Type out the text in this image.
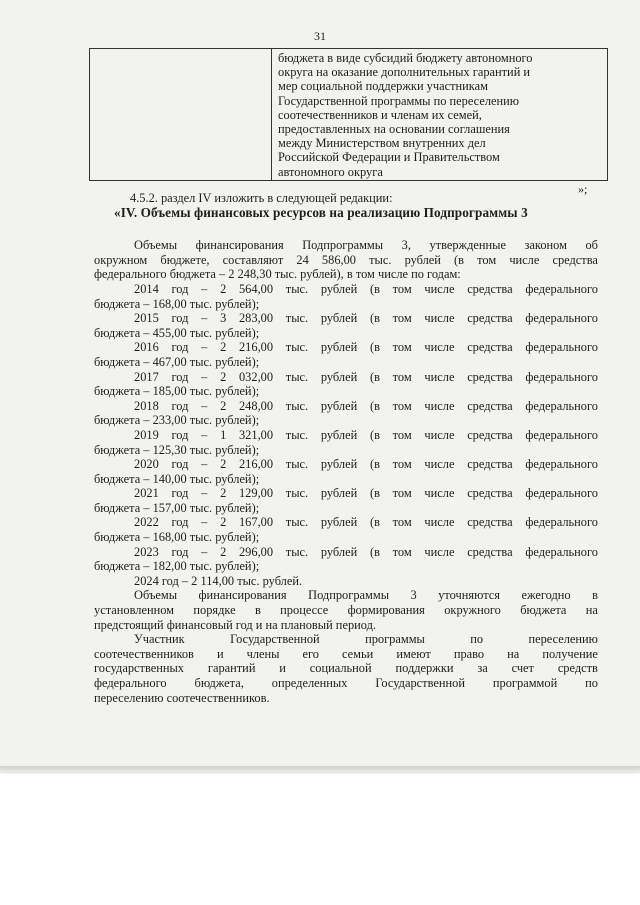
31

бюджета в виде субсидий бюджету автономного
округа на оказание дополнительных гарантий и
мер социальной поддержки участникам
Государственной программы по переселению
соотечественников и членам их семей,
предоставленных на основании соглашения
между Министерством внутренних дел
Российской Федерации и Правительством
автономного округа
»;
4.5.2. раздел IV изложить в следующей редакции:
«IV. Объемы финансовых ресурсов на реализацию Подпрограммы 3
Объемы финансирования Подпрограммы 3, утвержденные законом об
окружном бюджете, составляют 24 586,00 тыс. рублей (в том числе средства
федерального бюджета – 2 248,30 тыс. рублей), в том числе по годам:
2014 год – 2 564,00 тыс. рублей (в том числе средства федерального
бюджета – 168,00 тыс. рублей);
2015 год – 3 283,00 тыс. рублей (в том числе средства федерального
бюджета – 455,00 тыс. рублей);
2016 год – 2 216,00 тыс. рублей (в том числе средства федерального
бюджета – 467,00 тыс. рублей);
2017 год – 2 032,00 тыс. рублей (в том числе средства федерального
бюджета – 185,00 тыс. рублей);
2018 год – 2 248,00 тыс. рублей (в том числе средства федерального
бюджета – 233,00 тыс. рублей);
2019 год – 1 321,00 тыс. рублей (в том числе средства федерального
бюджета – 125,30 тыс. рублей);
2020 год – 2 216,00 тыс. рублей (в том числе средства федерального
бюджета – 140,00 тыс. рублей);
2021 год – 2 129,00 тыс. рублей (в том числе средства федерального
бюджета – 157,00 тыс. рублей);
2022 год – 2 167,00 тыс. рублей (в том числе средства федерального
бюджета – 168,00 тыс. рублей);
2023 год – 2 296,00 тыс. рублей (в том числе средства федерального
бюджета – 182,00 тыс. рублей);
2024 год – 2 114,00 тыс. рублей.
Объемы финансирования Подпрограммы 3 уточняются ежегодно в
установленном порядке в процессе формирования окружного бюджета на
предстоящий финансовый год и на плановый период.
Участник	Государственной	программы	по	переселению
соотечественников и члены его семьи имеют право на получение
государственных гарантий и социальной поддержки за счет средств
федерального бюджета, определенных Государственной программой по
переселению соотечественников.
